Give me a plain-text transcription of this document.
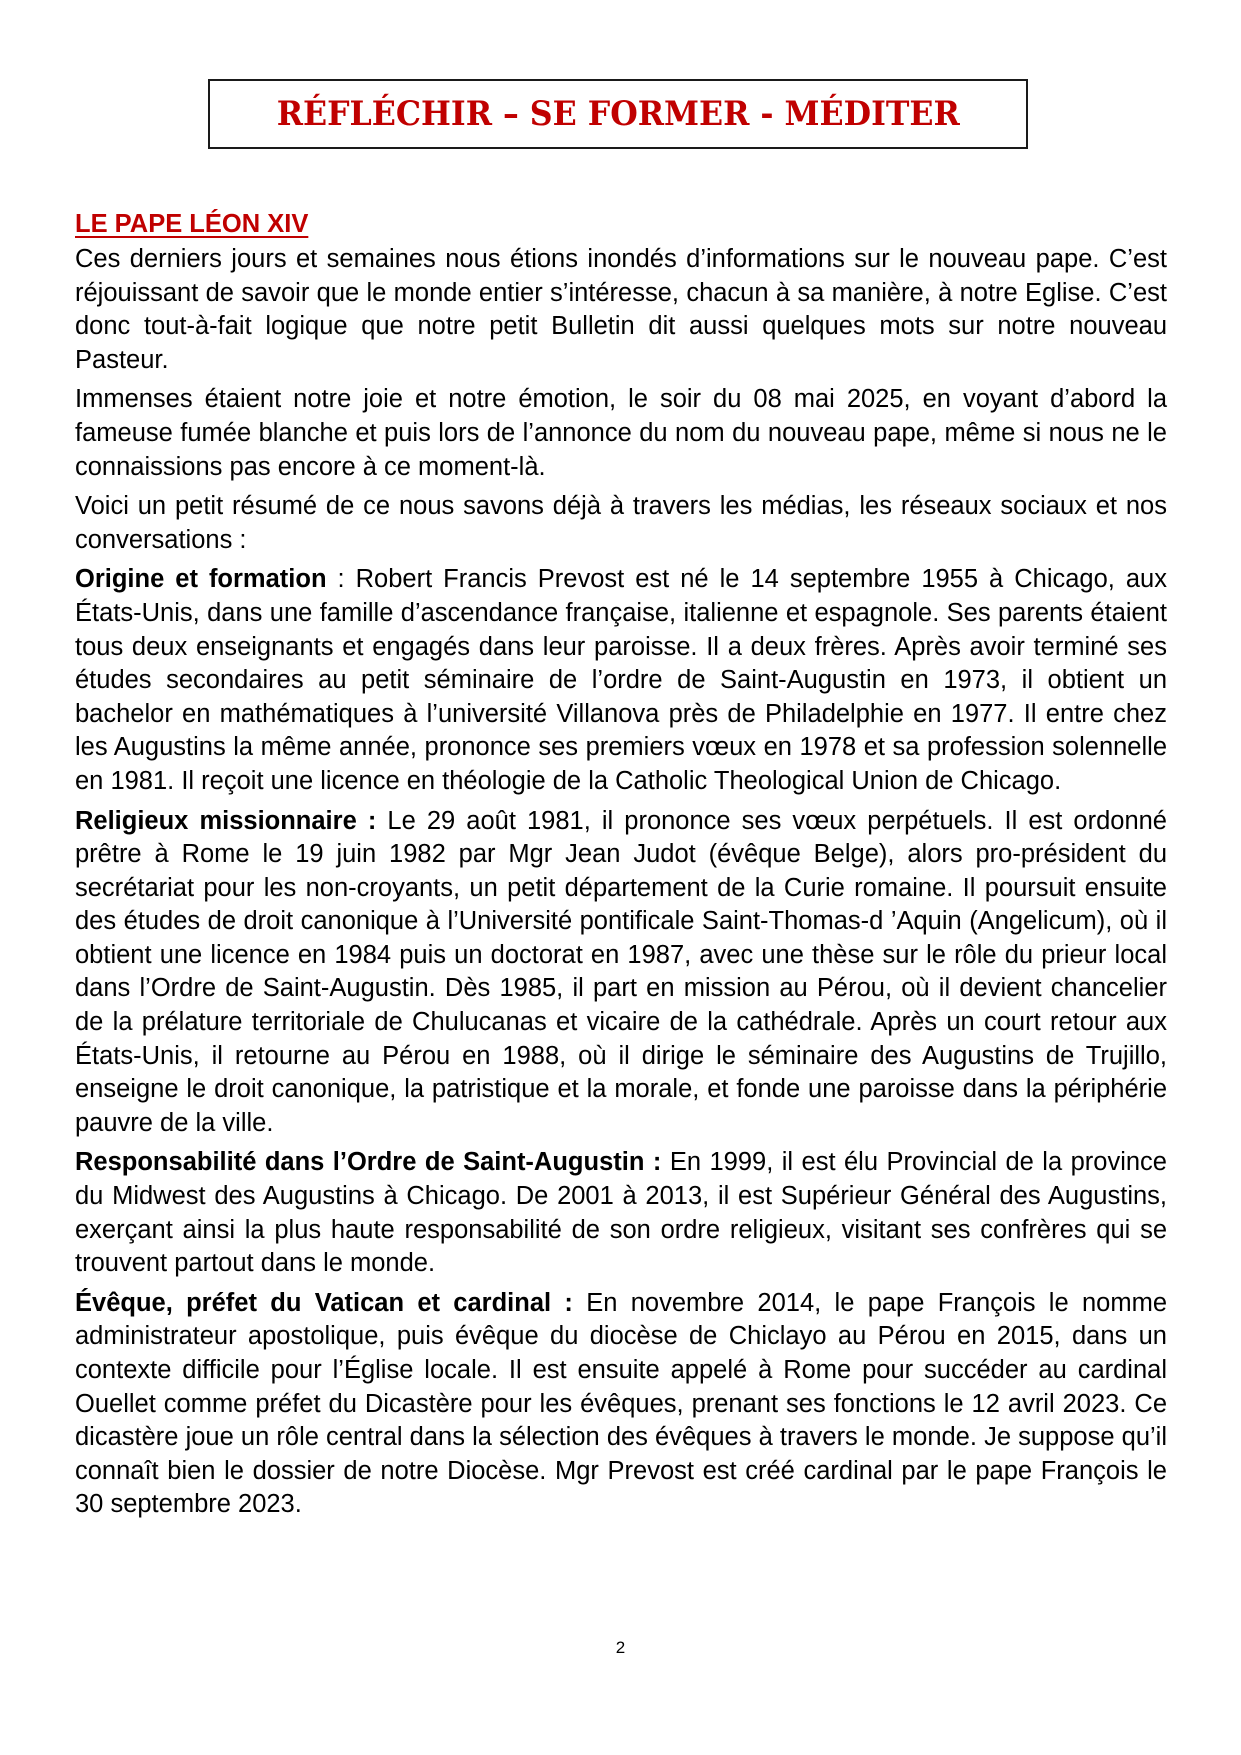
RÉFLÉCHIR – SE FORMER - MÉDITER
LE PAPE LÉON XIV

Ces derniers jours et semaines nous étions inondés d’informations sur le nouveau pape. C’est réjouissant de savoir que le monde entier s’intéresse, chacun à sa manière, à notre Eglise. C’est donc tout-à-fait logique que notre petit Bulletin dit aussi quelques mots sur notre nouveau Pasteur.

Immenses étaient notre joie et notre émotion, le soir du 08 mai 2025, en voyant d’abord la fameuse fumée blanche et puis lors de l’annonce du nom du nouveau pape, même si nous ne le connaissions pas encore à ce moment-là.

Voici un petit résumé de ce nous savons déjà à travers les médias, les réseaux sociaux et nos conversations :

Origine et formation : Robert Francis Prevost est né le 14 septembre 1955 à Chicago, aux États-Unis, dans une famille d’ascendance française, italienne et espagnole. Ses parents étaient tous deux enseignants et engagés dans leur paroisse. Il a deux frères. Après avoir terminé ses études secondaires au petit séminaire de l’ordre de Saint-Augustin en 1973, il obtient un bachelor en mathématiques à l’université Villanova près de Philadelphie en 1977. Il entre chez les Augustins la même année, prononce ses premiers vœux en 1978 et sa profession solennelle en 1981. Il reçoit une licence en théologie de la Catholic Theological Union de Chicago.

Religieux missionnaire : Le 29 août 1981, il prononce ses vœux perpétuels. Il est ordonné prêtre à Rome le 19 juin 1982 par Mgr Jean Judot (évêque Belge), alors pro-président du secrétariat pour les non-croyants, un petit département de la Curie romaine. Il poursuit ensuite des études de droit canonique à l’Université pontificale Saint-Thomas-d ’Aquin (Angelicum), où il obtient une licence en 1984 puis un doctorat en 1987, avec une thèse sur le rôle du prieur local dans l’Ordre de Saint-Augustin. Dès 1985, il part en mission au Pérou, où il devient chancelier de la prélature territoriale de Chulucanas et vicaire de la cathédrale. Après un court retour aux États-Unis, il retourne au Pérou en 1988, où il dirige le séminaire des Augustins de Trujillo, enseigne le droit canonique, la patristique et la morale, et fonde une paroisse dans la périphérie pauvre de la ville.

Responsabilité dans l’Ordre de Saint-Augustin : En 1999, il est élu Provincial de la province du Midwest des Augustins à Chicago. De 2001 à 2013, il est Supérieur Général des Augustins, exerçant ainsi la plus haute responsabilité de son ordre religieux, visitant ses confrères qui se trouvent partout dans le monde.

Évêque, préfet du Vatican et cardinal : En novembre 2014, le pape François le nomme administrateur apostolique, puis évêque du diocèse de Chiclayo au Pérou en 2015, dans un contexte difficile pour l’Église locale. Il est ensuite appelé à Rome pour succéder au cardinal Ouellet comme préfet du Dicastère pour les évêques, prenant ses fonctions le 12 avril 2023. Ce dicastère joue un rôle central dans la sélection des évêques à travers le monde. Je suppose qu’il connaît bien le dossier de notre Diocèse. Mgr Prevost est créé cardinal par le pape François le 30 septembre 2023.

2
